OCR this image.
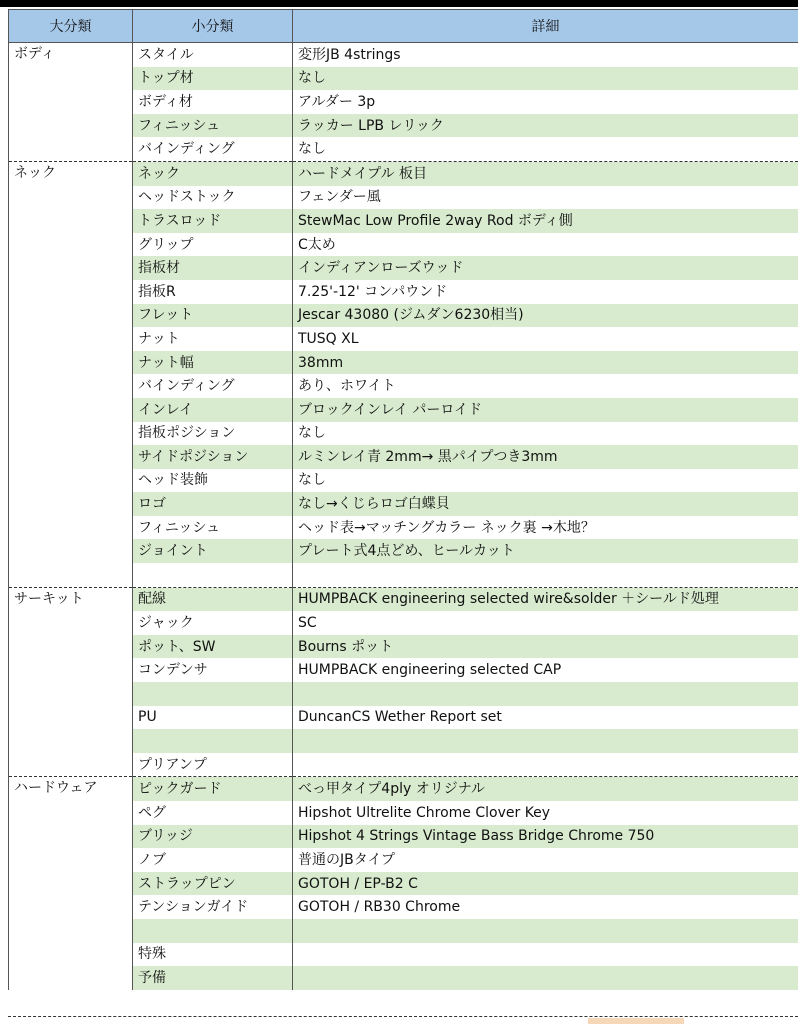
大分類	小分類	詳細
ボディ	スタイル	変形JB 4strings
	トップ材	なし
	ボディ材	アルダー 3p
	フィニッシュ	ラッカー LPB レリック
	バインディング	なし
ネック	ネック	ハードメイプル 板目
	ヘッドストック	フェンダー風
	トラスロッド	StewMac Low Profile 2way Rod ボディ側
	グリップ	C太め
	指板材	インディアンローズウッド
	指板R	7.25'-12' コンパウンド
	フレット	Jescar 43080 (ジムダン6230相当)
	ナット	TUSQ XL
	ナット幅	38mm
	バインディング	あり、ホワイト
	インレイ	ブロックインレイ パーロイド
	指板ポジション	なし
	サイドポジション	ルミンレイ青 2mm→ 黒パイプつき3mm
	ヘッド装飾	なし
	ロゴ	なし→くじらロゴ白蝶貝
	フィニッシュ	ヘッド表→マッチングカラー ネック裏 →木地？
	ジョイント	プレート式4点どめ、ヒールカット

サーキット	配線	HUMPBACK engineering selected wire&solder ＋シールド処理
	ジャック	SC
	ポット、SW	Bourns ポット
	コンデンサ	HUMPBACK engineering selected CAP

	PU	DuncanCS Wether Report set

	プリアンプ	
ハードウェア	ピックガード	べっ甲タイプ4ply オリジナル
	ペグ	Hipshot Ultrelite Chrome Clover Key
	ブリッジ	Hipshot 4 Strings Vintage Bass Bridge Chrome 750
	ノブ	普通のJBタイプ
	ストラップピン	GOTOH / EP-B2 C
	テンションガイド	GOTOH / RB30 Chrome

	特殊	
	予備	
